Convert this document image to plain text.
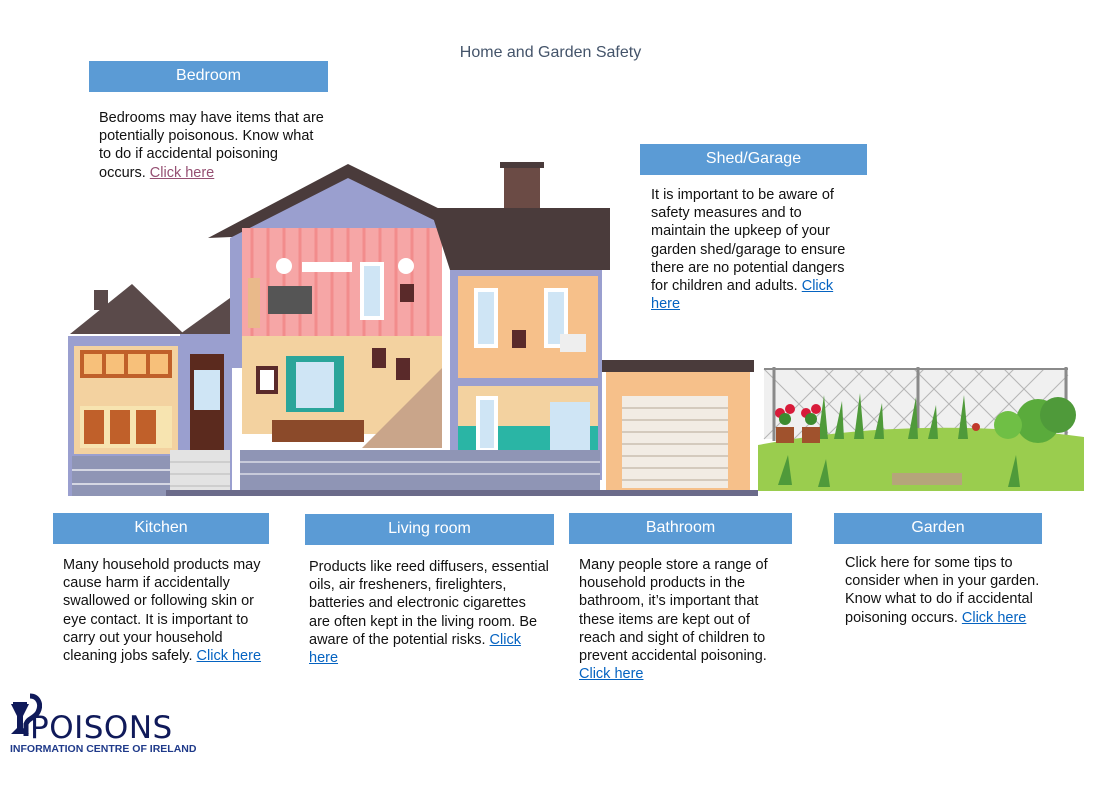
Home and Garden Safety
Bedroom
Bedrooms may have items that are potentially poisonous. Know what to do if accidental poisoning occurs. Click here
Shed/Garage
It is important to be aware of safety measures and to maintain the upkeep of your garden shed/garage to ensure there are no potential dangers for children and adults. Click here
Kitchen
Many household products may cause harm if accidentally swallowed or following skin or eye contact. It is important to carry out your household cleaning jobs safely. Click here
Living room
Products like reed diffusers, essential oils, air fresheners, firelighters, batteries and electronic cigarettes are often kept in the living room. Be aware of the potential risks. Click here
Bathroom
Many people store a range of household products in the bathroom, it’s important that these items are kept out of reach and sight of children to prevent accidental poisoning. Click here
Garden
Click here for some tips to consider when in your garden. Know what to do if accidental poisoning occurs. Click here
POISONS
INFORMATION CENTRE OF IRELAND
